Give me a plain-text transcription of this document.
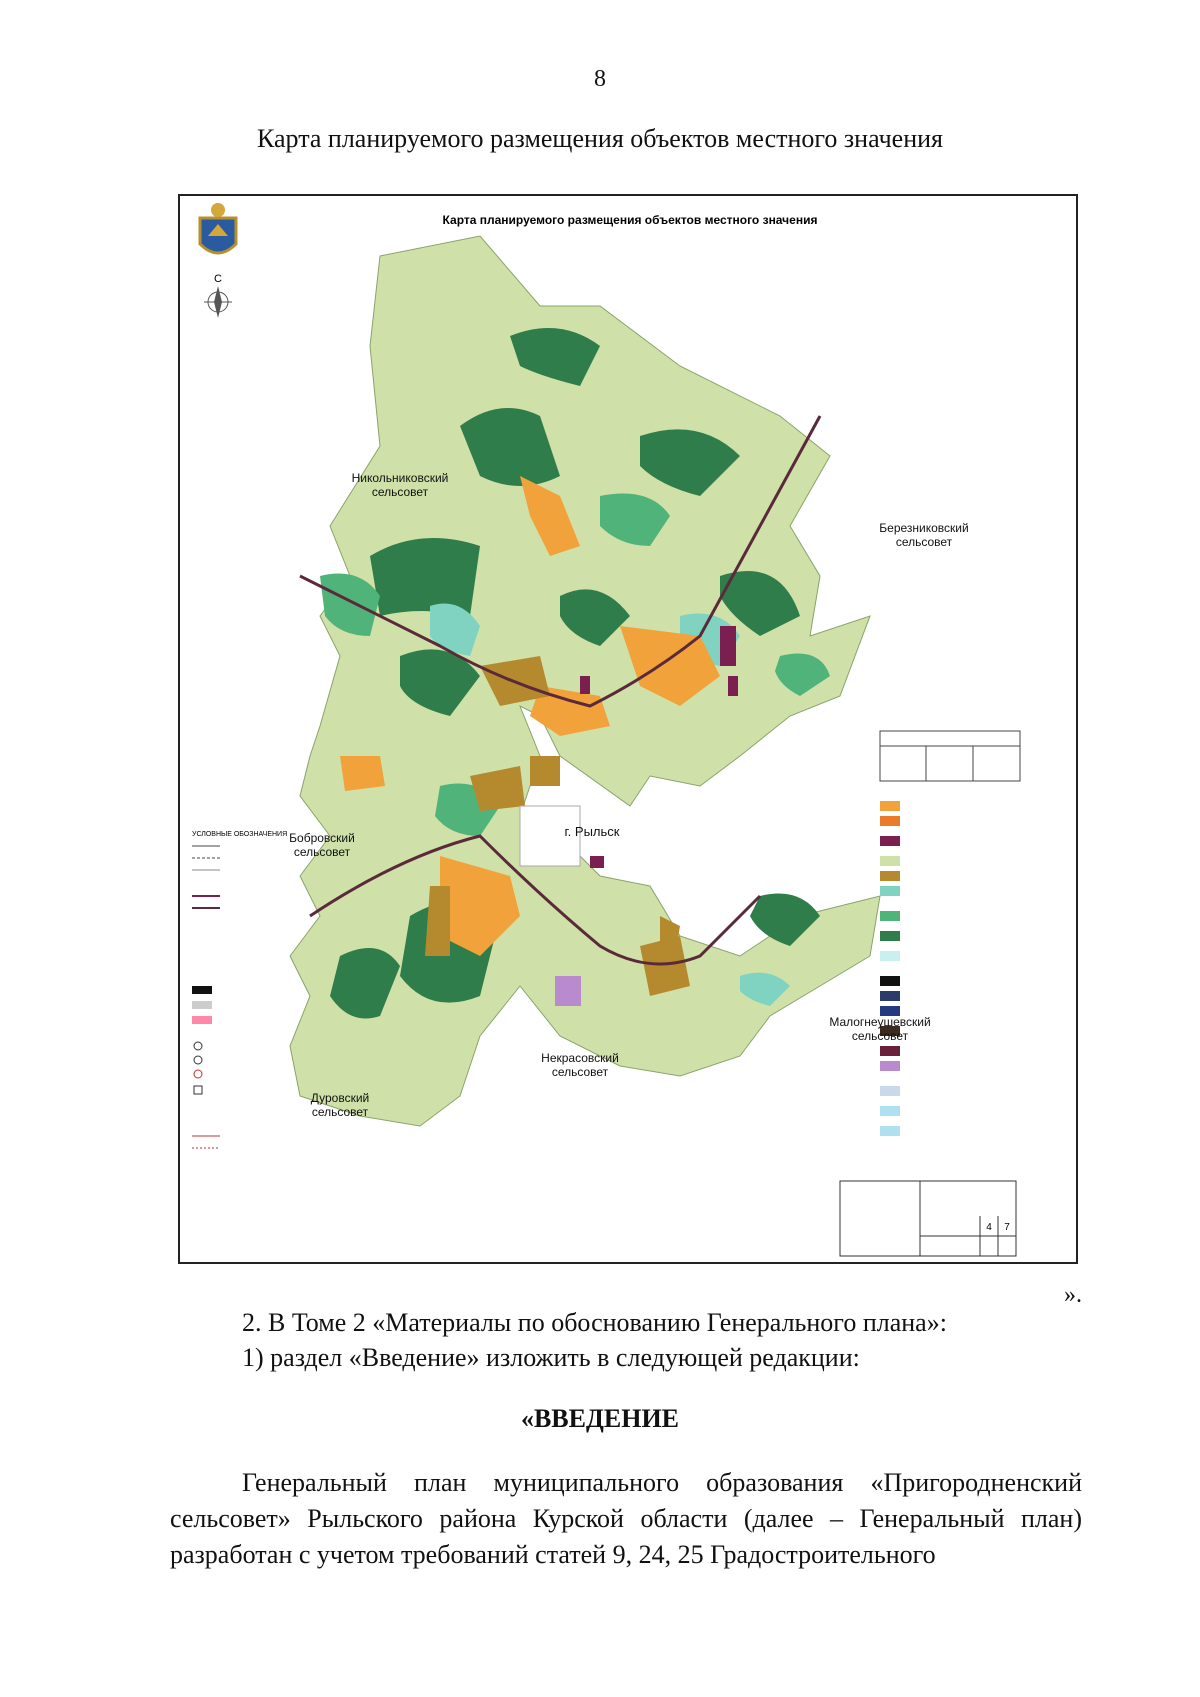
8
Карта планируемого размещения объектов местного значения
Карта планируемого размещения объектов местного значения
С
4 7
УСЛОВНЫЕ ОБОЗНАЧЕНИЯ
Никольниковский
сельсовет
Березниковский
сельсовет
Бобровский
сельсовет
г. Рыльск
Малогнеушевский
сельсовет
Некрасовский
сельсовет
Дуровский
сельсовет
».
2. В Томе 2 «Материалы по обоснованию Генерального плана»:
1) раздел «Введение» изложить в следующей редакции:
«ВВЕДЕНИЕ
Генеральный план муниципального образования «Пригородненский сельсовет» Рыльского района Курской области (далее – Генеральный план) разработан с учетом требований статей 9, 24, 25 Градостроительного
